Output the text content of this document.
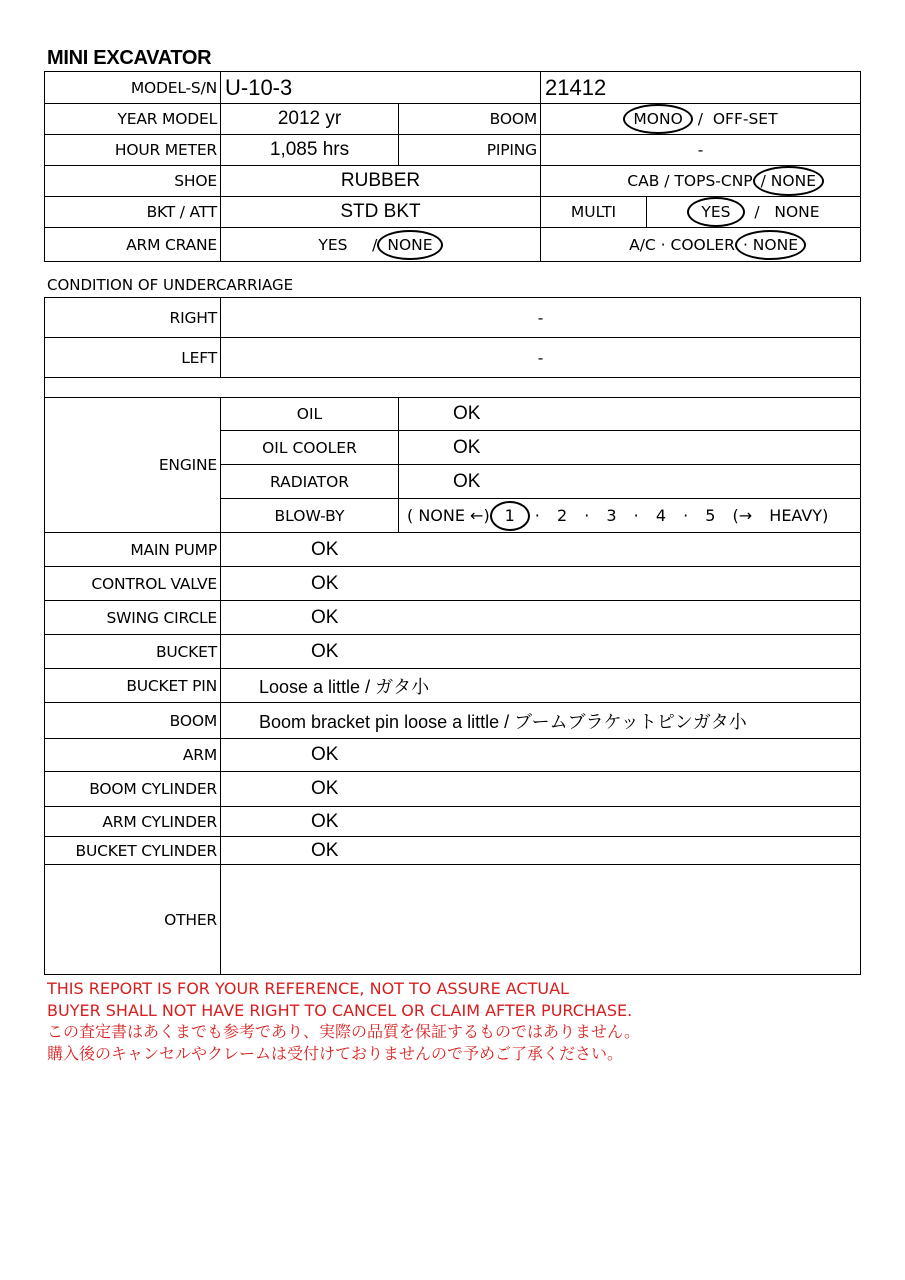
MINI EXCAVATOR
MODEL-S/N	U-10-3		21412	
YEAR MODEL	2012 yr	BOOM	MONO / OFF-SET	
HOUR METER	1,085 hrs	PIPING	-	
SHOE	RUBBER		CAB / TOPS-CNP / NONE	
BKT / ATT	STD BKT		MULTI	YES / NONE
ARM CRANE	YES / NONE		A/C · COOLER · NONE	
CONDITION OF UNDERCARRIAGE
RIGHT	-	
LEFT	-	

ENGINE	OIL	OK
	OIL COOLER	OK
	RADIATOR	OK
	BLOW-BY	( NONE ←) 1 · 2 · 3 · 4 · 5 (→ HEAVY)
MAIN PUMP	OK	
CONTROL VALVE	OK	
SWING CIRCLE	OK	
BUCKET	OK	
BUCKET PIN	Loose a little / ガタ小	
BOOM	Boom bracket pin loose a little / ブームブラケットピンガタ小	
ARM	OK	
BOOM CYLINDER	OK	
ARM CYLINDER	OK	
BUCKET CYLINDER	OK	
OTHER		
THIS REPORT IS FOR YOUR REFERENCE, NOT TO ASSURE ACTUAL
BUYER SHALL NOT HAVE RIGHT TO CANCEL OR CLAIM AFTER PURCHASE.
この査定書はあくまでも参考であり、実際の品質を保証するものではありません。
購入後のキャンセルやクレームは受付けておりませんので予めご了承ください。
